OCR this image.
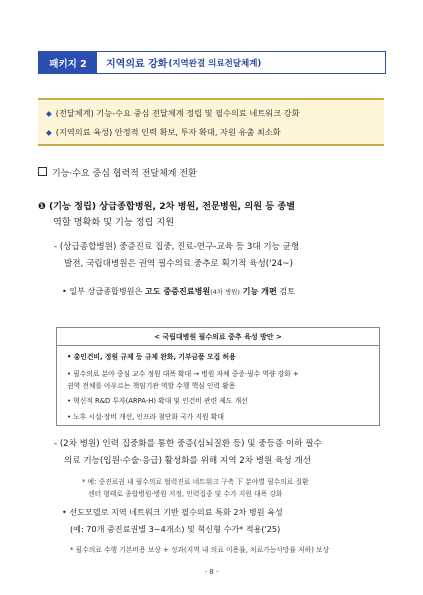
패키지 2	지역의료 강화 (지역완결 의료전달체계)
◆ (전달체계) 기능-수요 중심 전달체계 정립 및 필수의료 네트워크 강화
◆ (지역의료 육성) 안정적 인력 확보, 투자 확대, 자원 유출 최소화
기능·수요 중심 협력적 전달체계 전환
❶ (기능 정립) 상급종합병원, 2차 병원, 전문병원, 의원 등 종별
역할 명확화 및 기능 정립 지원
- (상급종합병원) 중증진료 집중, 진료-연구-교육 등 3대 기능 균형
발전, 국립대병원은 권역 필수의료 중추로 획기적 육성('24~)
• 일부 상급종합병원은 고도 중증진료병원(4차 병원) 기능 개편 검토
< 국립대병원 필수의료 중추 육성 방안 >
• 총인건비, 정원 규제 등 규제 완화, 기부금품 모집 허용
• 필수의료 분야 중심 교수 정원 대폭 확대 → 병원 자체 중증·필수 역량 강화 +
권역 전체를 아우르는 책임기관 역할 수행 핵심 인력 활용
• 혁신적 R&D 투자(ARPA-H) 확대 및 인건비 관련 제도 개선
• 노후 시설·장비 개선, 인프라 첨단화 국가 지원 확대
- (2차 병원) 인력 집중화를 통한 중증(심뇌질환 등) 및 중등증 이하 필수
의료 기능(입원·수술·응급) 활성화를 위해 지역 2차 병원 육성 개선
* 예: 중진료권 내 필수의료 협력진료 네트워크 구축 下 분야별 필수의료 질환
센터 형태로 종합병원·병원 지정, 인력집중 및 수가 지원 대폭 강화
• 선도모델로 지역 네트워크 기반 필수의료 특화 2차 병원 육성
(예: 70개 중진료권별 3~4개소) 및 혁신형 수가* 적용('25)
* 필수의료 수행 기본비용 보상 + 성과(지역 내 의료 이용률, 치료가능사망률 저하) 보상
- 8 -
